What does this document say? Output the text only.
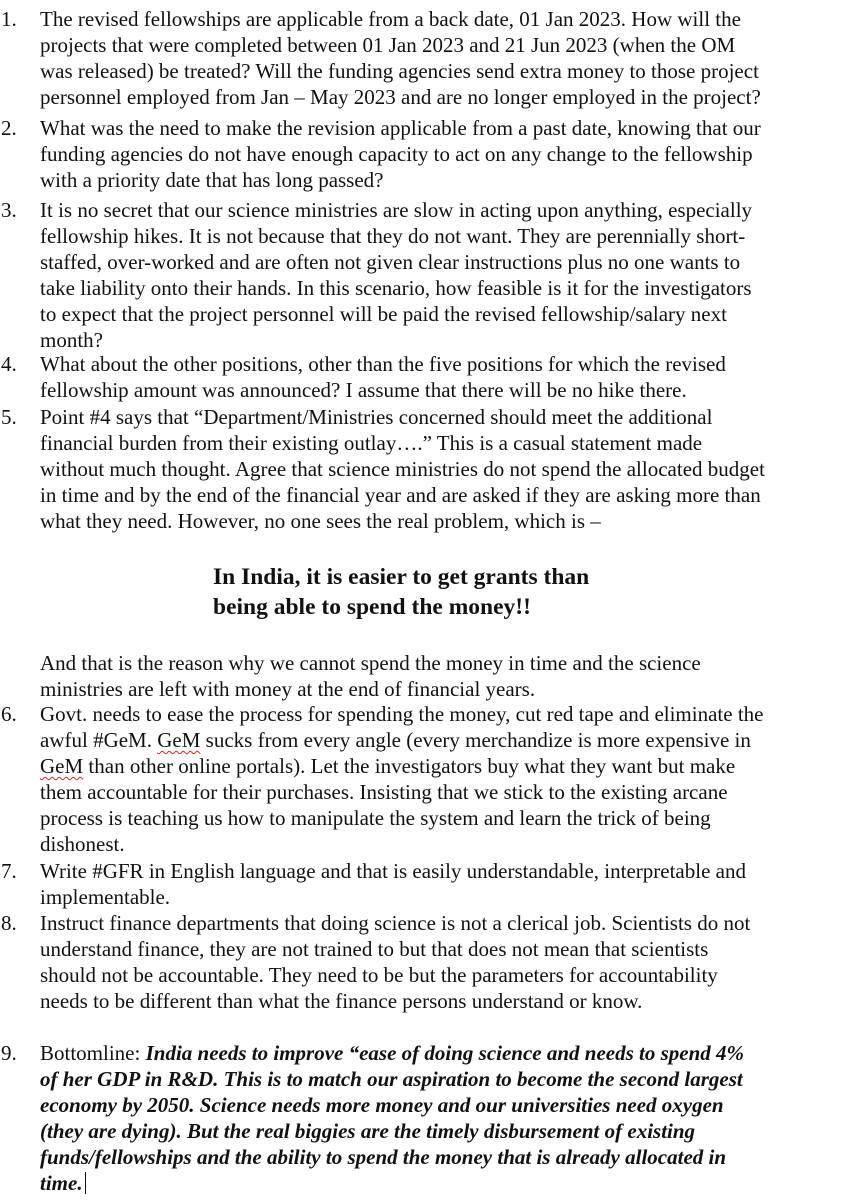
1.	The revised fellowships are applicable from a back date, 01 Jan 2023. How will the
projects that were completed between 01 Jan 2023 and 21 Jun 2023 (when the OM
was released) be treated? Will the funding agencies send extra money to those project
personnel employed from Jan – May 2023 and are no longer employed in the project?
2.	What was the need to make the revision applicable from a past date, knowing that our
funding agencies do not have enough capacity to act on any change to the fellowship
with a priority date that has long passed?
3.	It is no secret that our science ministries are slow in acting upon anything, especially
fellowship hikes. It is not because that they do not want. They are perennially short-
staffed, over-worked and are often not given clear instructions plus no one wants to
take liability onto their hands. In this scenario, how feasible is it for the investigators
to expect that the project personnel will be paid the revised fellowship/salary next
month?
4.	What about the other positions, other than the five positions for which the revised
fellowship amount was announced? I assume that there will be no hike there.
5.	Point #4 says that “Department/Ministries concerned should meet the additional
financial burden from their existing outlay….” This is a casual statement made
without much thought. Agree that science ministries do not spend the allocated budget
in time and by the end of the financial year and are asked if they are asking more than
what they need. However, no one sees the real problem, which is –
In India, it is easier to get grants than
being able to spend the money!!
And that is the reason why we cannot spend the money in time and the science
ministries are left with money at the end of financial years.
6.	Govt. needs to ease the process for spending the money, cut red tape and eliminate the
awful #GeM. GeM sucks from every angle (every merchandize is more expensive in
GeM than other online portals). Let the investigators buy what they want but make
them accountable for their purchases. Insisting that we stick to the existing arcane
process is teaching us how to manipulate the system and learn the trick of being
dishonest.
7.	Write #GFR in English language and that is easily understandable, interpretable and
implementable.
8.	Instruct finance departments that doing science is not a clerical job. Scientists do not
understand finance, they are not trained to but that does not mean that scientists
should not be accountable. They need to be but the parameters for accountability
needs to be different than what the finance persons understand or know.
9.	Bottomline: India needs to improve “ease of doing science and needs to spend 4%
of her GDP in R&D. This is to match our aspiration to become the second largest
economy by 2050. Science needs more money and our universities need oxygen
(they are dying). But the real biggies are the timely disbursement of existing
funds/fellowships and the ability to spend the money that is already allocated in
time.
